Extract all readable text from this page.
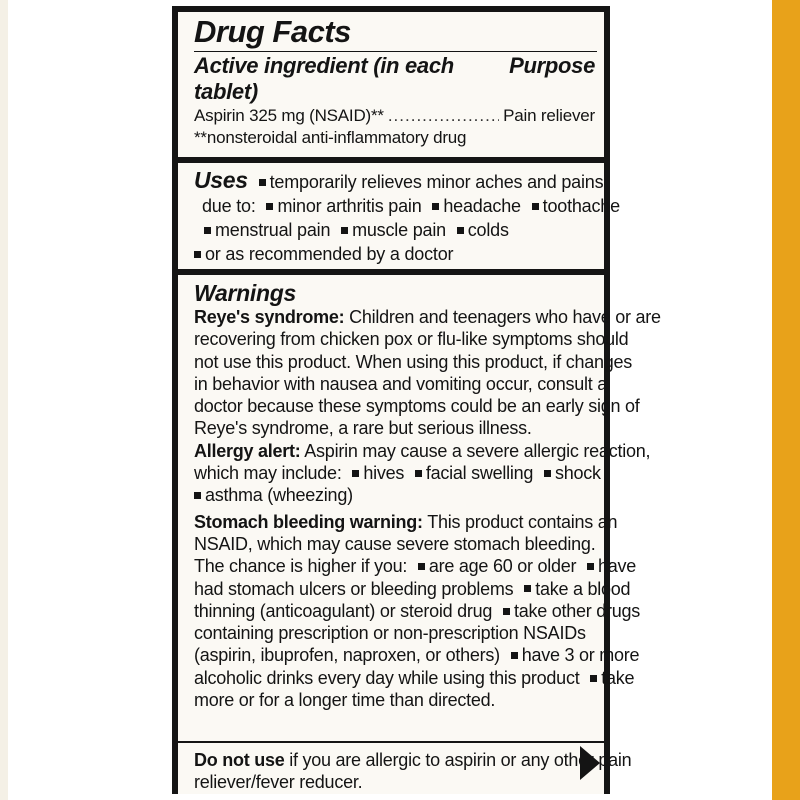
Drug Facts
Active ingredient (in each tablet)
Purpose
Aspirin 325 mg (NSAID)**
.....	Pain reliever
**nonsteroidal anti-inflammatory drug
Uses temporarily relieves minor aches and pains
due to: minor arthritis pain headache toothache
menstrual pain muscle pain colds
or as recommended by a doctor
Warnings
Reye's syndrome: Children and teenagers who have or are
recovering from chicken pox or flu-like symptoms should
not use this product. When using this product, if changes
in behavior with nausea and vomiting occur, consult a
doctor because these symptoms could be an early sign of
Reye's syndrome, a rare but serious illness.
Allergy alert: Aspirin may cause a severe allergic reaction,
which may include: hives facial swelling shock
asthma (wheezing)
Stomach bleeding warning: This product contains an
NSAID, which may cause severe stomach bleeding.
The chance is higher if you: are age 60 or older have
had stomach ulcers or bleeding problems take a blood
thinning (anticoagulant) or steroid drug take other drugs
containing prescription or non-prescription NSAIDs
(aspirin, ibuprofen, naproxen, or others) have 3 or more
alcoholic drinks every day while using this product take
more or for a longer time than directed.
Do not use if you are allergic to aspirin or any other pain
reliever/fever reducer.
